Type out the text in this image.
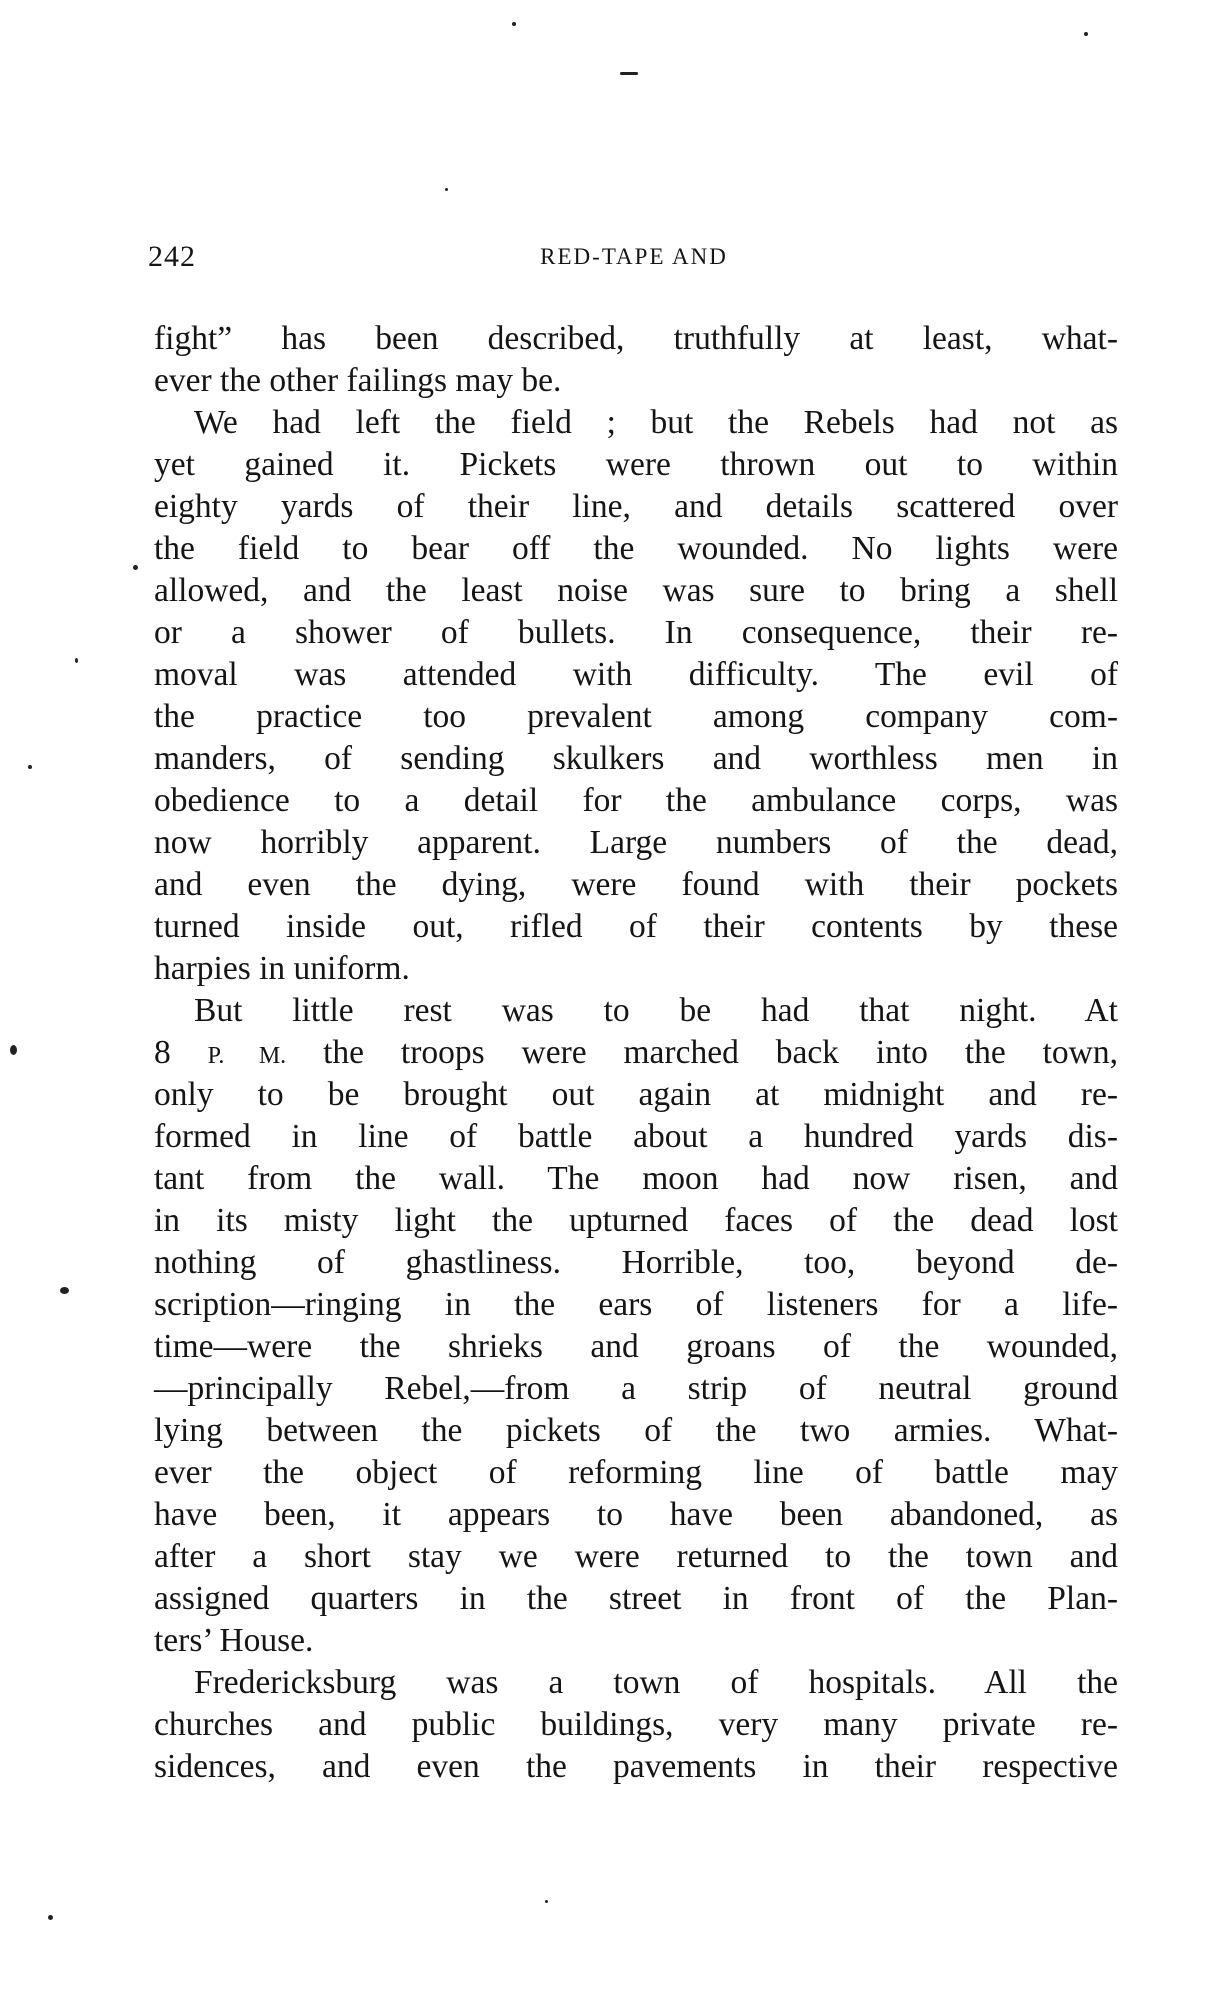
242	RED-TAPE AND
fight” has been described, truthfully at least, what-
ever the other failings may be.
We had left the field ; but the Rebels had not as
yet gained it. Pickets were thrown out to within
eighty yards of their line, and details scattered over
the field to bear off the wounded. No lights were
allowed, and the least noise was sure to bring a shell
or a shower of bullets. In consequence, their re-
moval was attended with difficulty. The evil of
the practice too prevalent among company com-
manders, of sending skulkers and worthless men in
obedience to a detail for the ambulance corps, was
now horribly apparent. Large numbers of the dead,
and even the dying, were found with their pockets
turned inside out, rifled of their contents by these
harpies in uniform.
But little rest was to be had that night. At
8 P. M. the troops were marched back into the town,
only to be brought out again at midnight and re-
formed in line of battle about a hundred yards dis-
tant from the wall. The moon had now risen, and
in its misty light the upturned faces of the dead lost
nothing of ghastliness. Horrible, too, beyond de-
scription—ringing in the ears of listeners for a life-
time—were the shrieks and groans of the wounded,
—principally Rebel,—from a strip of neutral ground
lying between the pickets of the two armies. What-
ever the object of reforming line of battle may
have been, it appears to have been abandoned, as
after a short stay we were returned to the town and
assigned quarters in the street in front of the Plan-
ters’ House.
Fredericksburg was a town of hospitals. All the
churches and public buildings, very many private re-
sidences, and even the pavements in their respective
